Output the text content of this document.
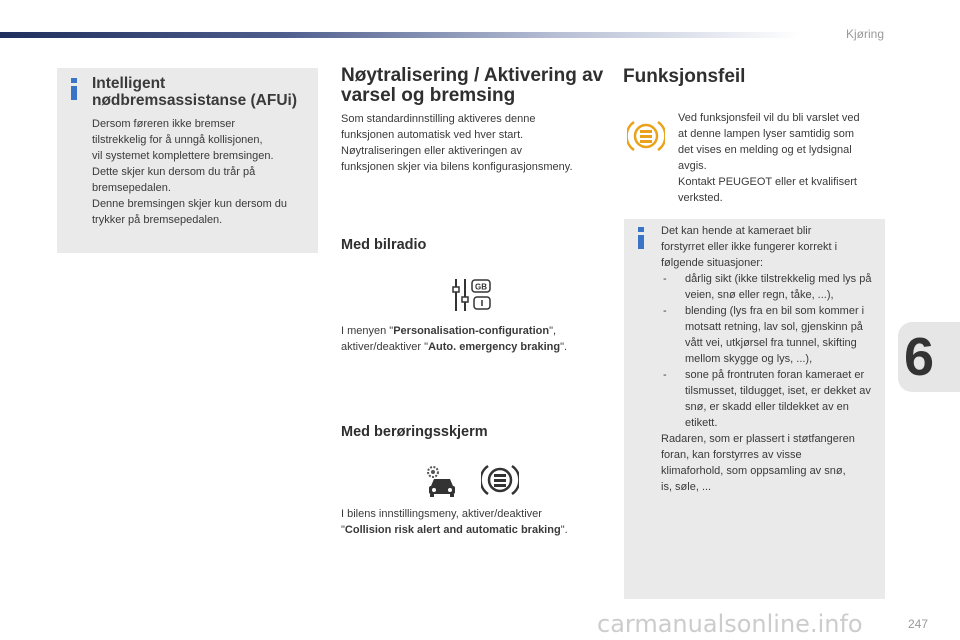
Kjøring
Intelligent nødbremsassistanse (AFUi)
Dersom føreren ikke bremser
tilstrekkelig for å unngå kollisjonen,
vil systemet komplettere bremsingen.
Dette skjer kun dersom du trår på
bremsepedalen.
Denne bremsingen skjer kun dersom du
trykker på bremsepedalen.
Nøytralisering / Aktivering av varsel og bremsing
Som standardinnstilling aktiveres denne
funksjonen automatisk ved hver start.
Nøytraliseringen eller aktiveringen av
funksjonen skjer via bilens konfigurasjonsmeny.
Med bilradio
GB
I menyen "Personalisation-configuration",
aktiver/deaktiver "Auto. emergency braking".
Med berøringsskjerm
I bilens innstillingsmeny, aktiver/deaktiver
"Collision risk alert and automatic braking".
Funksjonsfeil
Ved funksjonsfeil vil du bli varslet ved
at denne lampen lyser samtidig som
det vises en melding og et lydsignal
avgis.
Kontakt PEUGEOT eller et kvalifisert
verksted.
Det kan hende at kameraet blir
forstyrret eller ikke fungerer korrekt i
følgende situasjoner:
- dårlig sikt (ikke tilstrekkelig med lys på veien, snø eller regn, tåke, ...),
- blending (lys fra en bil som kommer i motsatt retning, lav sol, gjenskinn på vått vei, utkjørsel fra tunnel, skifting mellom skygge og lys, ...),
- sone på frontruten foran kameraet er tilsmusset, tildugget, iset, er dekket av snø, er skadd eller tildekket av en etikett.
Radaren, som er plassert i støtfangeren
foran, kan forstyrres av visse
klimaforhold, som oppsamling av snø,
is, søle, ...
6
carmanualsonline.info	247
